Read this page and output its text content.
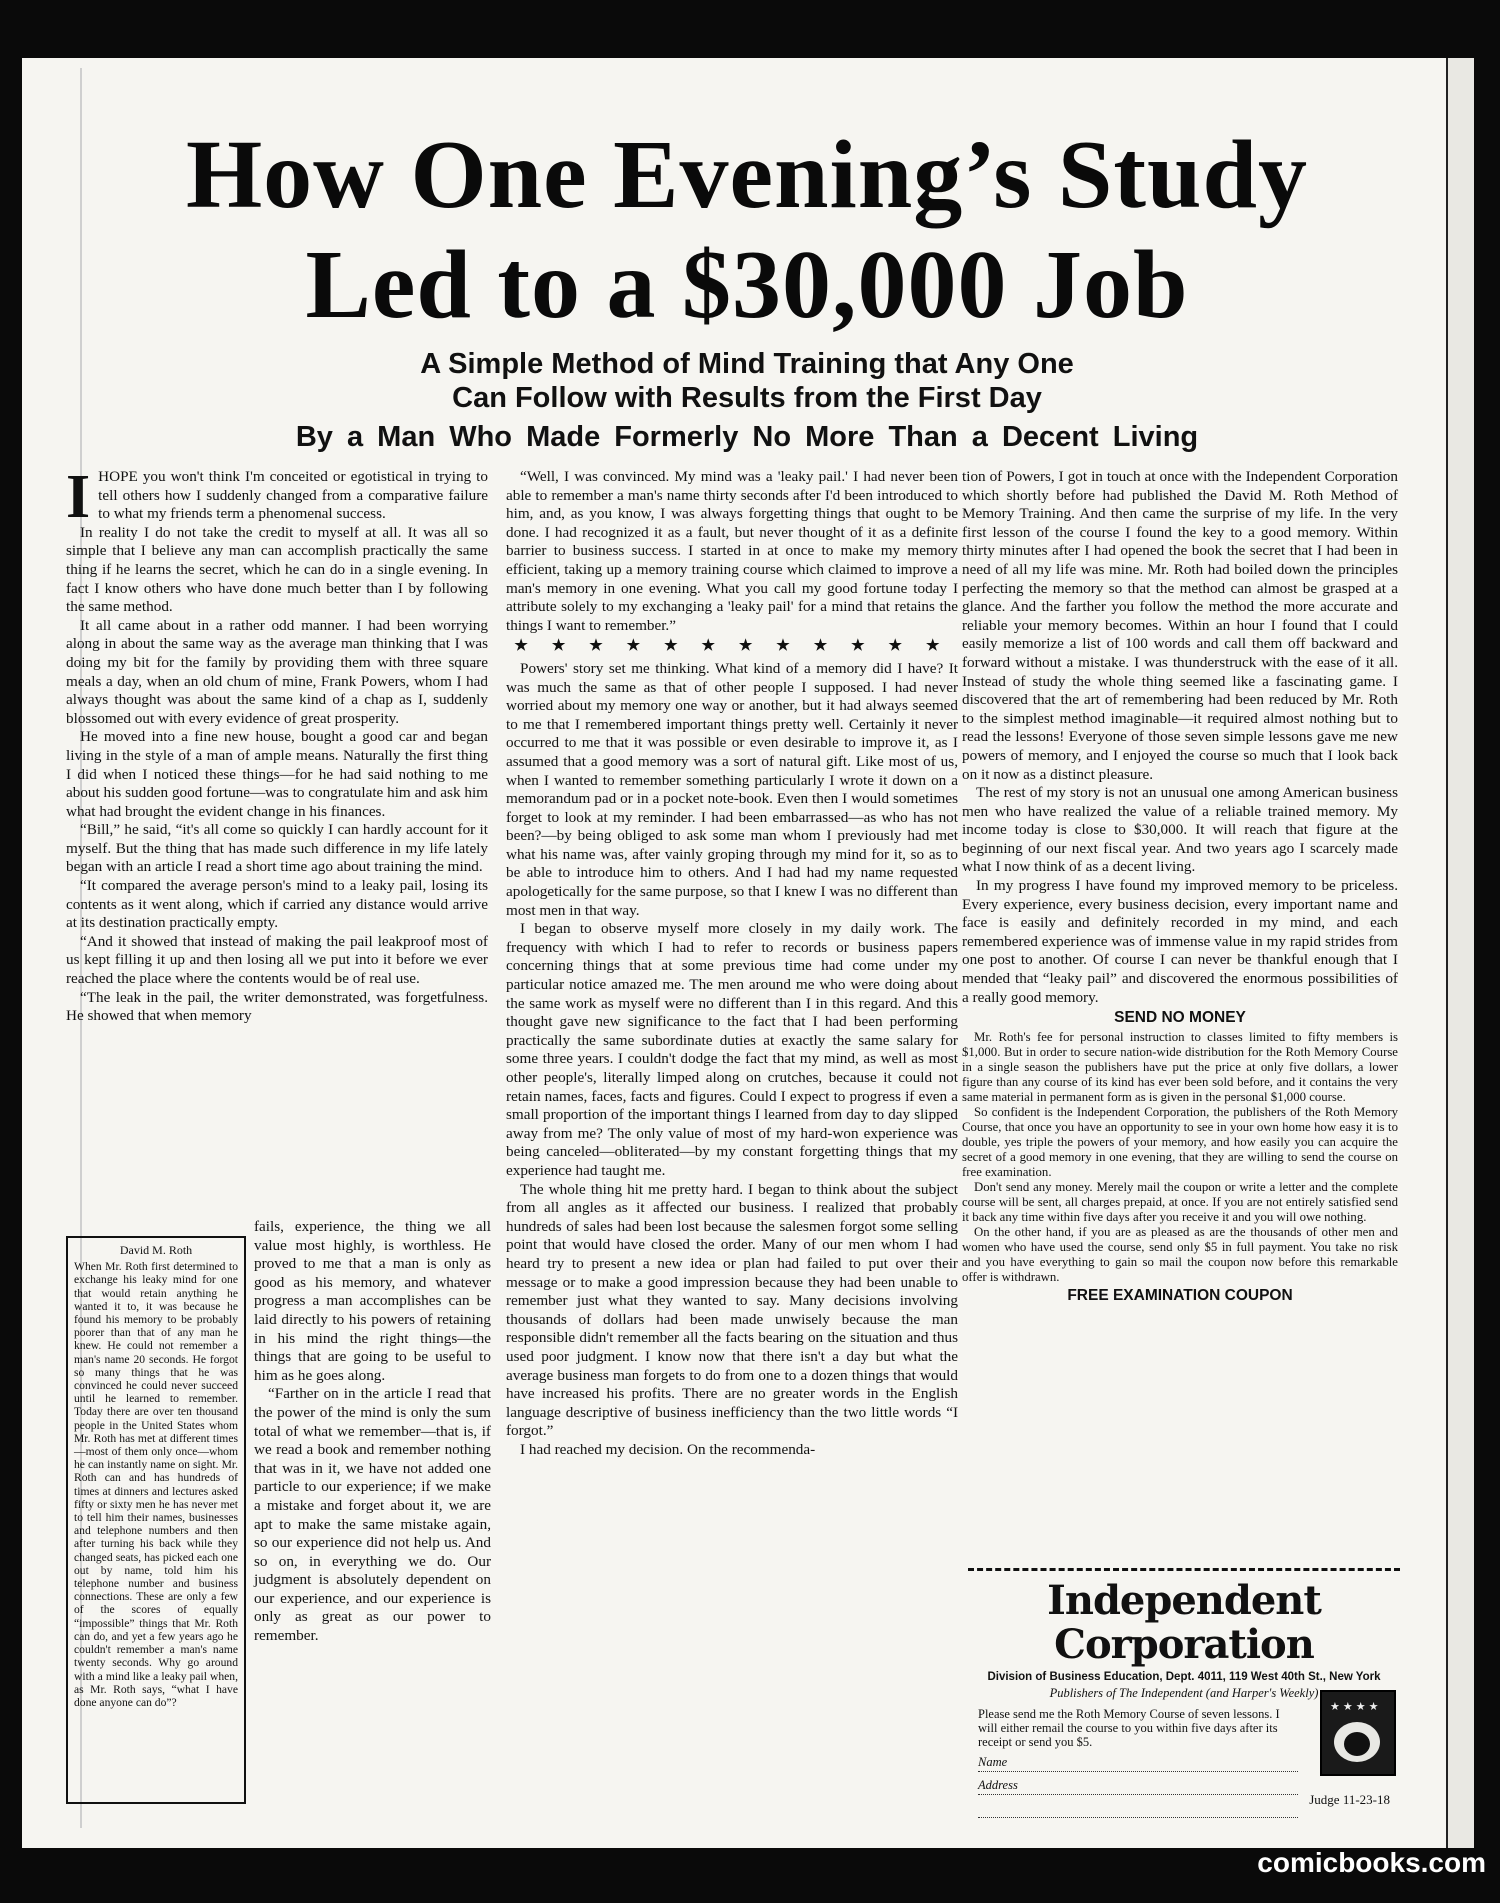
How One Evening’s Study
Led to a $30,000 Job
A Simple Method of Mind Training that Any One
Can Follow with Results from the First Day
By a Man Who Made Formerly No More Than a Decent Living

IHOPE you won't think I'm conceited or egotistical in trying to tell others how I suddenly changed from a comparative failure to what my friends term a phenomenal success.

In reality I do not take the credit to myself at all. It was all so simple that I believe any man can accomplish practically the same thing if he learns the secret, which he can do in a single evening. In fact I know others who have done much better than I by following the same method.

It all came about in a rather odd manner. I had been worrying along in about the same way as the average man thinking that I was doing my bit for the family by providing them with three square meals a day, when an old chum of mine, Frank Powers, whom I had always thought was about the same kind of a chap as I, suddenly blossomed out with every evidence of great prosperity.

He moved into a fine new house, bought a good car and began living in the style of a man of ample means. Naturally the first thing I did when I noticed these things—for he had said nothing to me about his sudden good fortune—was to congratulate him and ask him what had brought the evident change in his finances.

“Bill,” he said, “it's all come so quickly I can hardly account for it myself. But the thing that has made such difference in my life lately began with an article I read a short time ago about training the mind.

“It compared the average person's mind to a leaky pail, losing its contents as it went along, which if carried any distance would arrive at its destination practically empty.

“And it showed that instead of making the pail leakproof most of us kept filling it up and then losing all we put into it before we ever reached the place where the contents would be of real use.

“The leak in the pail, the writer demonstrated, was forgetfulness. He showed that when memory

David M. Roth
When Mr. Roth first determined to exchange his leaky mind for one that would retain anything he wanted it to, it was because he found his memory to be probably poorer than that of any man he knew. He could not remember a man's name 20 seconds. He forgot so many things that he was convinced he could never succeed until he learned to remember. Today there are over ten thousand people in the United States whom Mr. Roth has met at different times—most of them only once—whom he can instantly name on sight. Mr. Roth can and has hundreds of times at dinners and lectures asked fifty or sixty men he has never met to tell him their names, businesses and telephone numbers and then after turning his back while they changed seats, has picked each one out by name, told him his telephone number and business connections. These are only a few of the scores of equally “impossible” things that Mr. Roth can do, and yet a few years ago he couldn't remember a man's name twenty seconds. Why go around with a mind like a leaky pail when, as Mr. Roth says, “what I have done anyone can do”?

fails, experience, the thing we all value most highly, is worthless. He proved to me that a man is only as good as his memory, and whatever progress a man accomplishes can be laid directly to his powers of retaining in his mind the right things—the things that are going to be useful to him as he goes along.

“Farther on in the article I read that the power of the mind is only the sum total of what we remember—that is, if we read a book and remember nothing that was in it, we have not added one particle to our experience; if we make a mistake and forget about it, we are apt to make the same mistake again, so our experience did not help us. And so on, in everything we do. Our judgment is absolutely dependent on our experience, and our experience is only as great as our power to remember.

“Well, I was convinced. My mind was a 'leaky pail.' I had never been able to remember a man's name thirty seconds after I'd been introduced to him, and, as you know, I was always forgetting things that ought to be done. I had recognized it as a fault, but never thought of it as a definite barrier to business success. I started in at once to make my memory efficient, taking up a memory training course which claimed to improve a man's memory in one evening. What you call my good fortune today I attribute solely to my exchanging a 'leaky pail' for a mind that retains the things I want to remember.”

★ ★ ★ ★ ★ ★ ★ ★ ★ ★ ★ ★

Powers' story set me thinking. What kind of a memory did I have? It was much the same as that of other people I supposed. I had never worried about my memory one way or another, but it had always seemed to me that I remembered important things pretty well. Certainly it never occurred to me that it was possible or even desirable to improve it, as I assumed that a good memory was a sort of natural gift. Like most of us, when I wanted to remember something particularly I wrote it down on a memorandum pad or in a pocket note-book. Even then I would sometimes forget to look at my reminder. I had been embarrassed—as who has not been?—by being obliged to ask some man whom I previously had met what his name was, after vainly groping through my mind for it, so as to be able to introduce him to others. And I had had my name requested apologetically for the same purpose, so that I knew I was no different than most men in that way.

I began to observe myself more closely in my daily work. The frequency with which I had to refer to records or business papers concerning things that at some previous time had come under my particular notice amazed me. The men around me who were doing about the same work as myself were no different than I in this regard. And this thought gave new significance to the fact that I had been performing practically the same subordinate duties at exactly the same salary for some three years. I couldn't dodge the fact that my mind, as well as most other people's, literally limped along on crutches, because it could not retain names, faces, facts and figures. Could I expect to progress if even a small proportion of the important things I learned from day to day slipped away from me? The only value of most of my hard-won experience was being canceled—obliterated—by my constant forgetting things that my experience had taught me.

The whole thing hit me pretty hard. I began to think about the subject from all angles as it affected our business. I realized that probably hundreds of sales had been lost because the salesmen forgot some selling point that would have closed the order. Many of our men whom I had heard try to present a new idea or plan had failed to put over their message or to make a good impression because they had been unable to remember just what they wanted to say. Many decisions involving thousands of dollars had been made unwisely because the man responsible didn't remember all the facts bearing on the situation and thus used poor judgment. I know now that there isn't a day but what the average business man forgets to do from one to a dozen things that would have increased his profits. There are no greater words in the English language descriptive of business inefficiency than the two little words “I forgot.”

I had reached my decision. On the recommenda-

tion of Powers, I got in touch at once with the Independent Corporation which shortly before had published the David M. Roth Method of Memory Training. And then came the surprise of my life. In the very first lesson of the course I found the key to a good memory. Within thirty minutes after I had opened the book the secret that I had been in need of all my life was mine. Mr. Roth had boiled down the principles perfecting the memory so that the method can almost be grasped at a glance. And the farther you follow the method the more accurate and reliable your memory becomes. Within an hour I found that I could easily memorize a list of 100 words and call them off backward and forward without a mistake. I was thunderstruck with the ease of it all. Instead of study the whole thing seemed like a fascinating game. I discovered that the art of remembering had been reduced by Mr. Roth to the simplest method imaginable—it required almost nothing but to read the lessons! Everyone of those seven simple lessons gave me new powers of memory, and I enjoyed the course so much that I look back on it now as a distinct pleasure.

The rest of my story is not an unusual one among American business men who have realized the value of a reliable trained memory. My income today is close to $30,000. It will reach that figure at the beginning of our next fiscal year. And two years ago I scarcely made what I now think of as a decent living.

In my progress I have found my improved memory to be priceless. Every experience, every business decision, every important name and face is easily and definitely recorded in my mind, and each remembered experience was of immense value in my rapid strides from one post to another. Of course I can never be thankful enough that I mended that “leaky pail” and discovered the enormous possibilities of a really good memory.

SEND NO MONEY

Mr. Roth's fee for personal instruction to classes limited to fifty members is $1,000. But in order to secure nation-wide distribution for the Roth Memory Course in a single season the publishers have put the price at only five dollars, a lower figure than any course of its kind has ever been sold before, and it contains the very same material in permanent form as is given in the personal $1,000 course.

So confident is the Independent Corporation, the publishers of the Roth Memory Course, that once you have an opportunity to see in your own home how easy it is to double, yes triple the powers of your memory, and how easily you can acquire the secret of a good memory in one evening, that they are willing to send the course on free examination.

Don't send any money. Merely mail the coupon or write a letter and the complete course will be sent, all charges prepaid, at once. If you are not entirely satisfied send it back any time within five days after you receive it and you will owe nothing.

On the other hand, if you are as pleased as are the thousands of other men and women who have used the course, send only $5 in full payment. You take no risk and you have everything to gain so mail the coupon now before this remarkable offer is withdrawn.

FREE EXAMINATION COUPON
Independent Corporation
Division of Business Education, Dept. 4011, 119 West 40th St., New York
Publishers of The Independent (and Harper's Weekly)
Please send me the Roth Memory Course of seven lessons. I will either remail the course to you within five days after its receipt or send you $5.
Name
Address
★★★★
Judge 11-23-18
comicbooks.com
